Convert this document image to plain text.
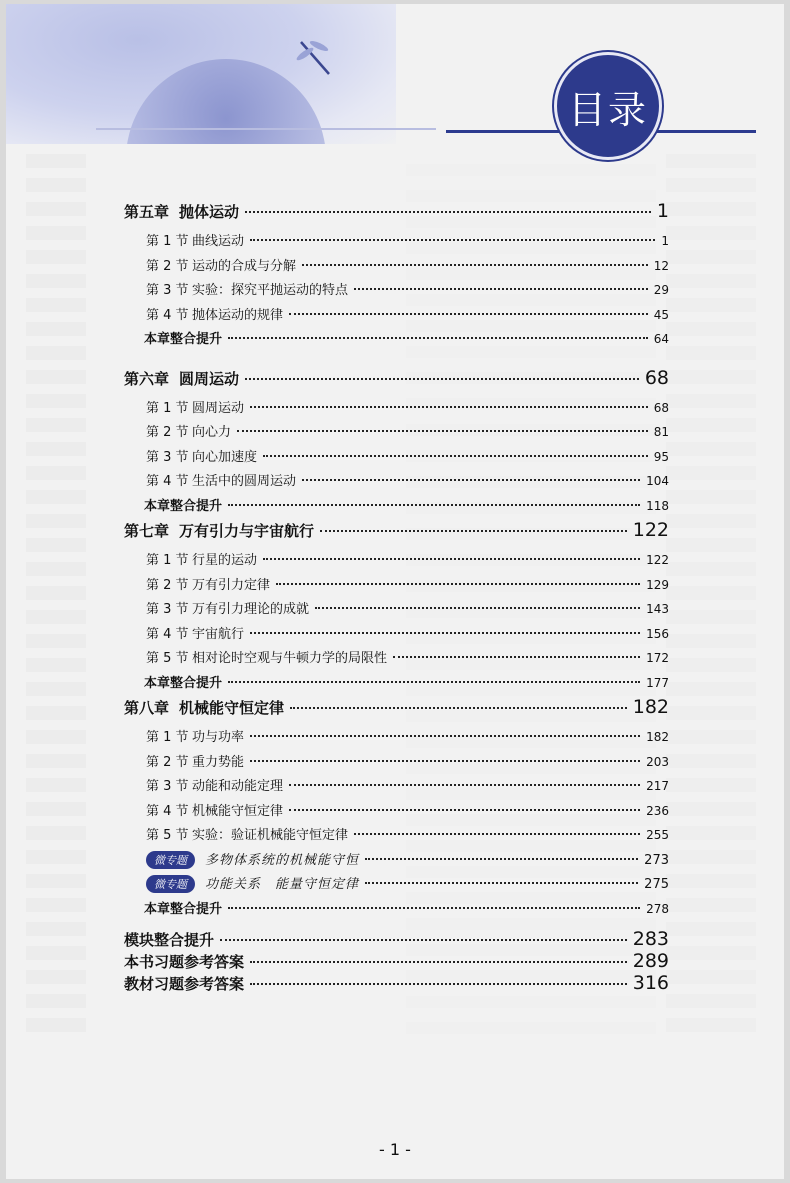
目录
第五章 抛体运动	1
第 1 节 曲线运动	1
第 2 节 运动的合成与分解	12
第 3 节 实验：探究平抛运动的特点	29
第 4 节 抛体运动的规律	45
本章整合提升	64
第六章 圆周运动	68
第 1 节 圆周运动	68
第 2 节 向心力	81
第 3 节 向心加速度	95
第 4 节 生活中的圆周运动	104
本章整合提升	118
第七章 万有引力与宇宙航行	122
第 1 节 行星的运动	122
第 2 节 万有引力定律	129
第 3 节 万有引力理论的成就	143
第 4 节 宇宙航行	156
第 5 节 相对论时空观与牛顿力学的局限性	172
本章整合提升	177
第八章 机械能守恒定律	182
第 1 节 功与功率	182
第 2 节 重力势能	203
第 3 节 动能和动能定理	217
第 4 节 机械能守恒定律	236
第 5 节 实验：验证机械能守恒定律	255
微专题	多物体系统的机械能守恒	273
微专题	功能关系　能量守恒定律	275
本章整合提升	278
模块整合提升	283
本书习题参考答案	289
教材习题参考答案	316
- 1 -
